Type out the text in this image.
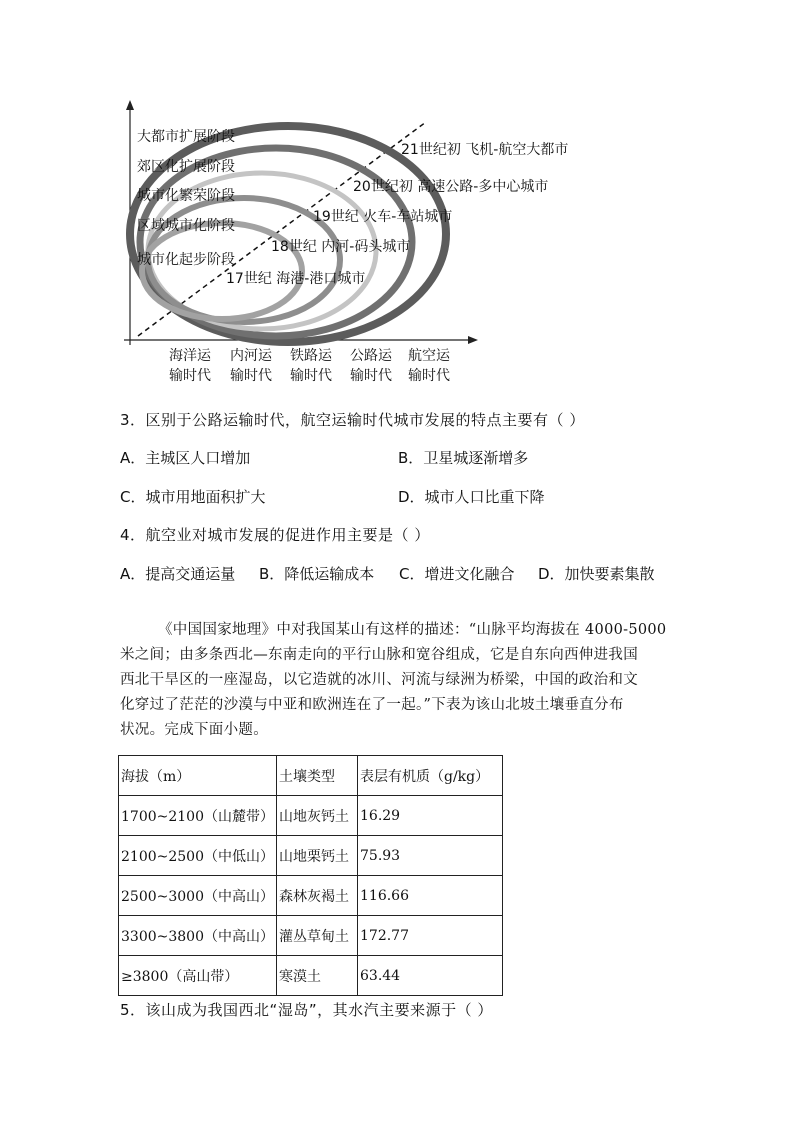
大都市扩展阶段
郊区化扩展阶段
城市化繁荣阶段
区域城市化阶段
城市化起步阶段
21世纪初 飞机-航空大都市
20世纪初 高速公路-多中心城市
19世纪 火车-车站城市
18世纪 内河-码头城市
17世纪 海港-港口城市
海洋运
输时代
内河运
输时代
铁路运
输时代
公路运
输时代
航空运
输时代
3．区别于公路运输时代，航空运输时代城市发展的特点主要有（ ）
A．主城区人口增加	B．卫星城逐渐增多
C．城市用地面积扩大	D．城市人口比重下降
4．航空业对城市发展的促进作用主要是（ ）
A．提高交通运量 B．降低运输成本 C．增进文化融合 D．加快要素集散
《中国国家地理》中对我国某山有这样的描述：“山脉平均海拔在 4000-5000
米之间；由多条西北—东南走向的平行山脉和宽谷组成，它是自东向西伸进我国
西北干旱区的一座湿岛，以它造就的冰川、河流与绿洲为桥梁，中国的政治和文
化穿过了茫茫的沙漠与中亚和欧洲连在了一起。”下表为该山北坡土壤垂直分布
状况。完成下面小题。
海拔（m）	土壤类型	表层有机质（g/kg）
1700~2100（山麓带）	山地灰钙土	16.29
2100~2500（中低山）	山地栗钙土	75.93
2500~3000（中高山）	森林灰褐土	116.66
3300~3800（中高山）	灌丛草甸土	172.77
≥3800（高山带）	寒漠土	63.44
5．该山成为我国西北“湿岛”，其水汽主要来源于（ ）
